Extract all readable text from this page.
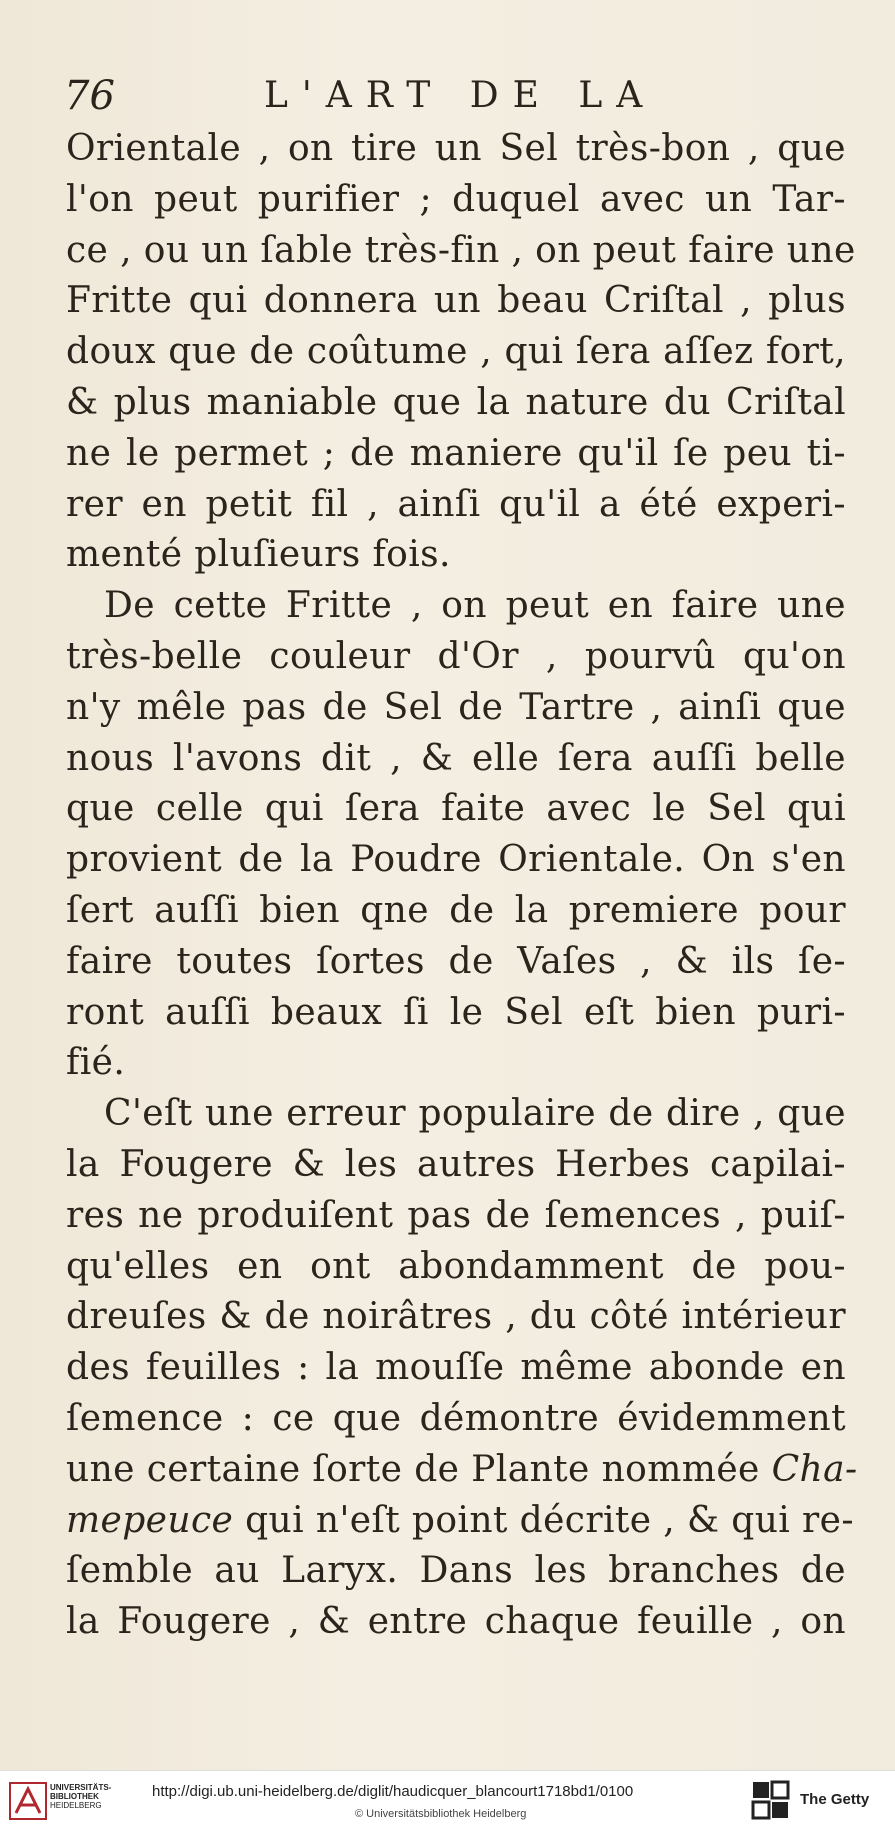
76	L'ART DE LA
Orientale , on tire un Sel très-bon , que
l'on peut purifier ; duquel avec un Tar-
ce , ou un ſable très-fin , on peut faire une
Fritte qui donnera un beau Criſtal , plus
doux que de coûtume , qui ſera aſſez fort,
& plus maniable que la nature du Criſtal
ne le permet ; de maniere qu'il ſe peu ti-
rer en petit fil , ainſi qu'il a été experi-
menté pluſieurs fois.
De cette Fritte , on peut en faire une
très-belle couleur d'Or , pourvû qu'on
n'y mêle pas de Sel de Tartre , ainſi que
nous l'avons dit , & elle ſera auſſi belle
que celle qui ſera faite avec le Sel qui
provient de la Poudre Orientale. On s'en
ſert auſſi bien qne de la premiere pour
faire toutes ſortes de Vaſes , & ils ſe-
ront auſſi beaux ſi le Sel eſt bien puri-
fié.
C'eſt une erreur populaire de dire , que
la Fougere & les autres Herbes capilai-
res ne produiſent pas de ſemences , puiſ-
qu'elles en ont abondamment de pou-
dreuſes & de noirâtres , du côté intérieur
des feuilles : la mouſſe même abonde en
ſemence : ce que démontre évidemment
une certaine ſorte de Plante nommée Cha-
mepeuce qui n'eſt point décrite , & qui re-
ſemble au Laryx. Dans les branches de
la Fougere , & entre chaque feuille , on
UNIVERSITÄTS-
BIBLIOTHEK
HEIDELBERG
http://digi.ub.uni-heidelberg.de/diglit/haudicquer_blancourt1718bd1/0100
© Universitätsbibliothek Heidelberg
The Getty
